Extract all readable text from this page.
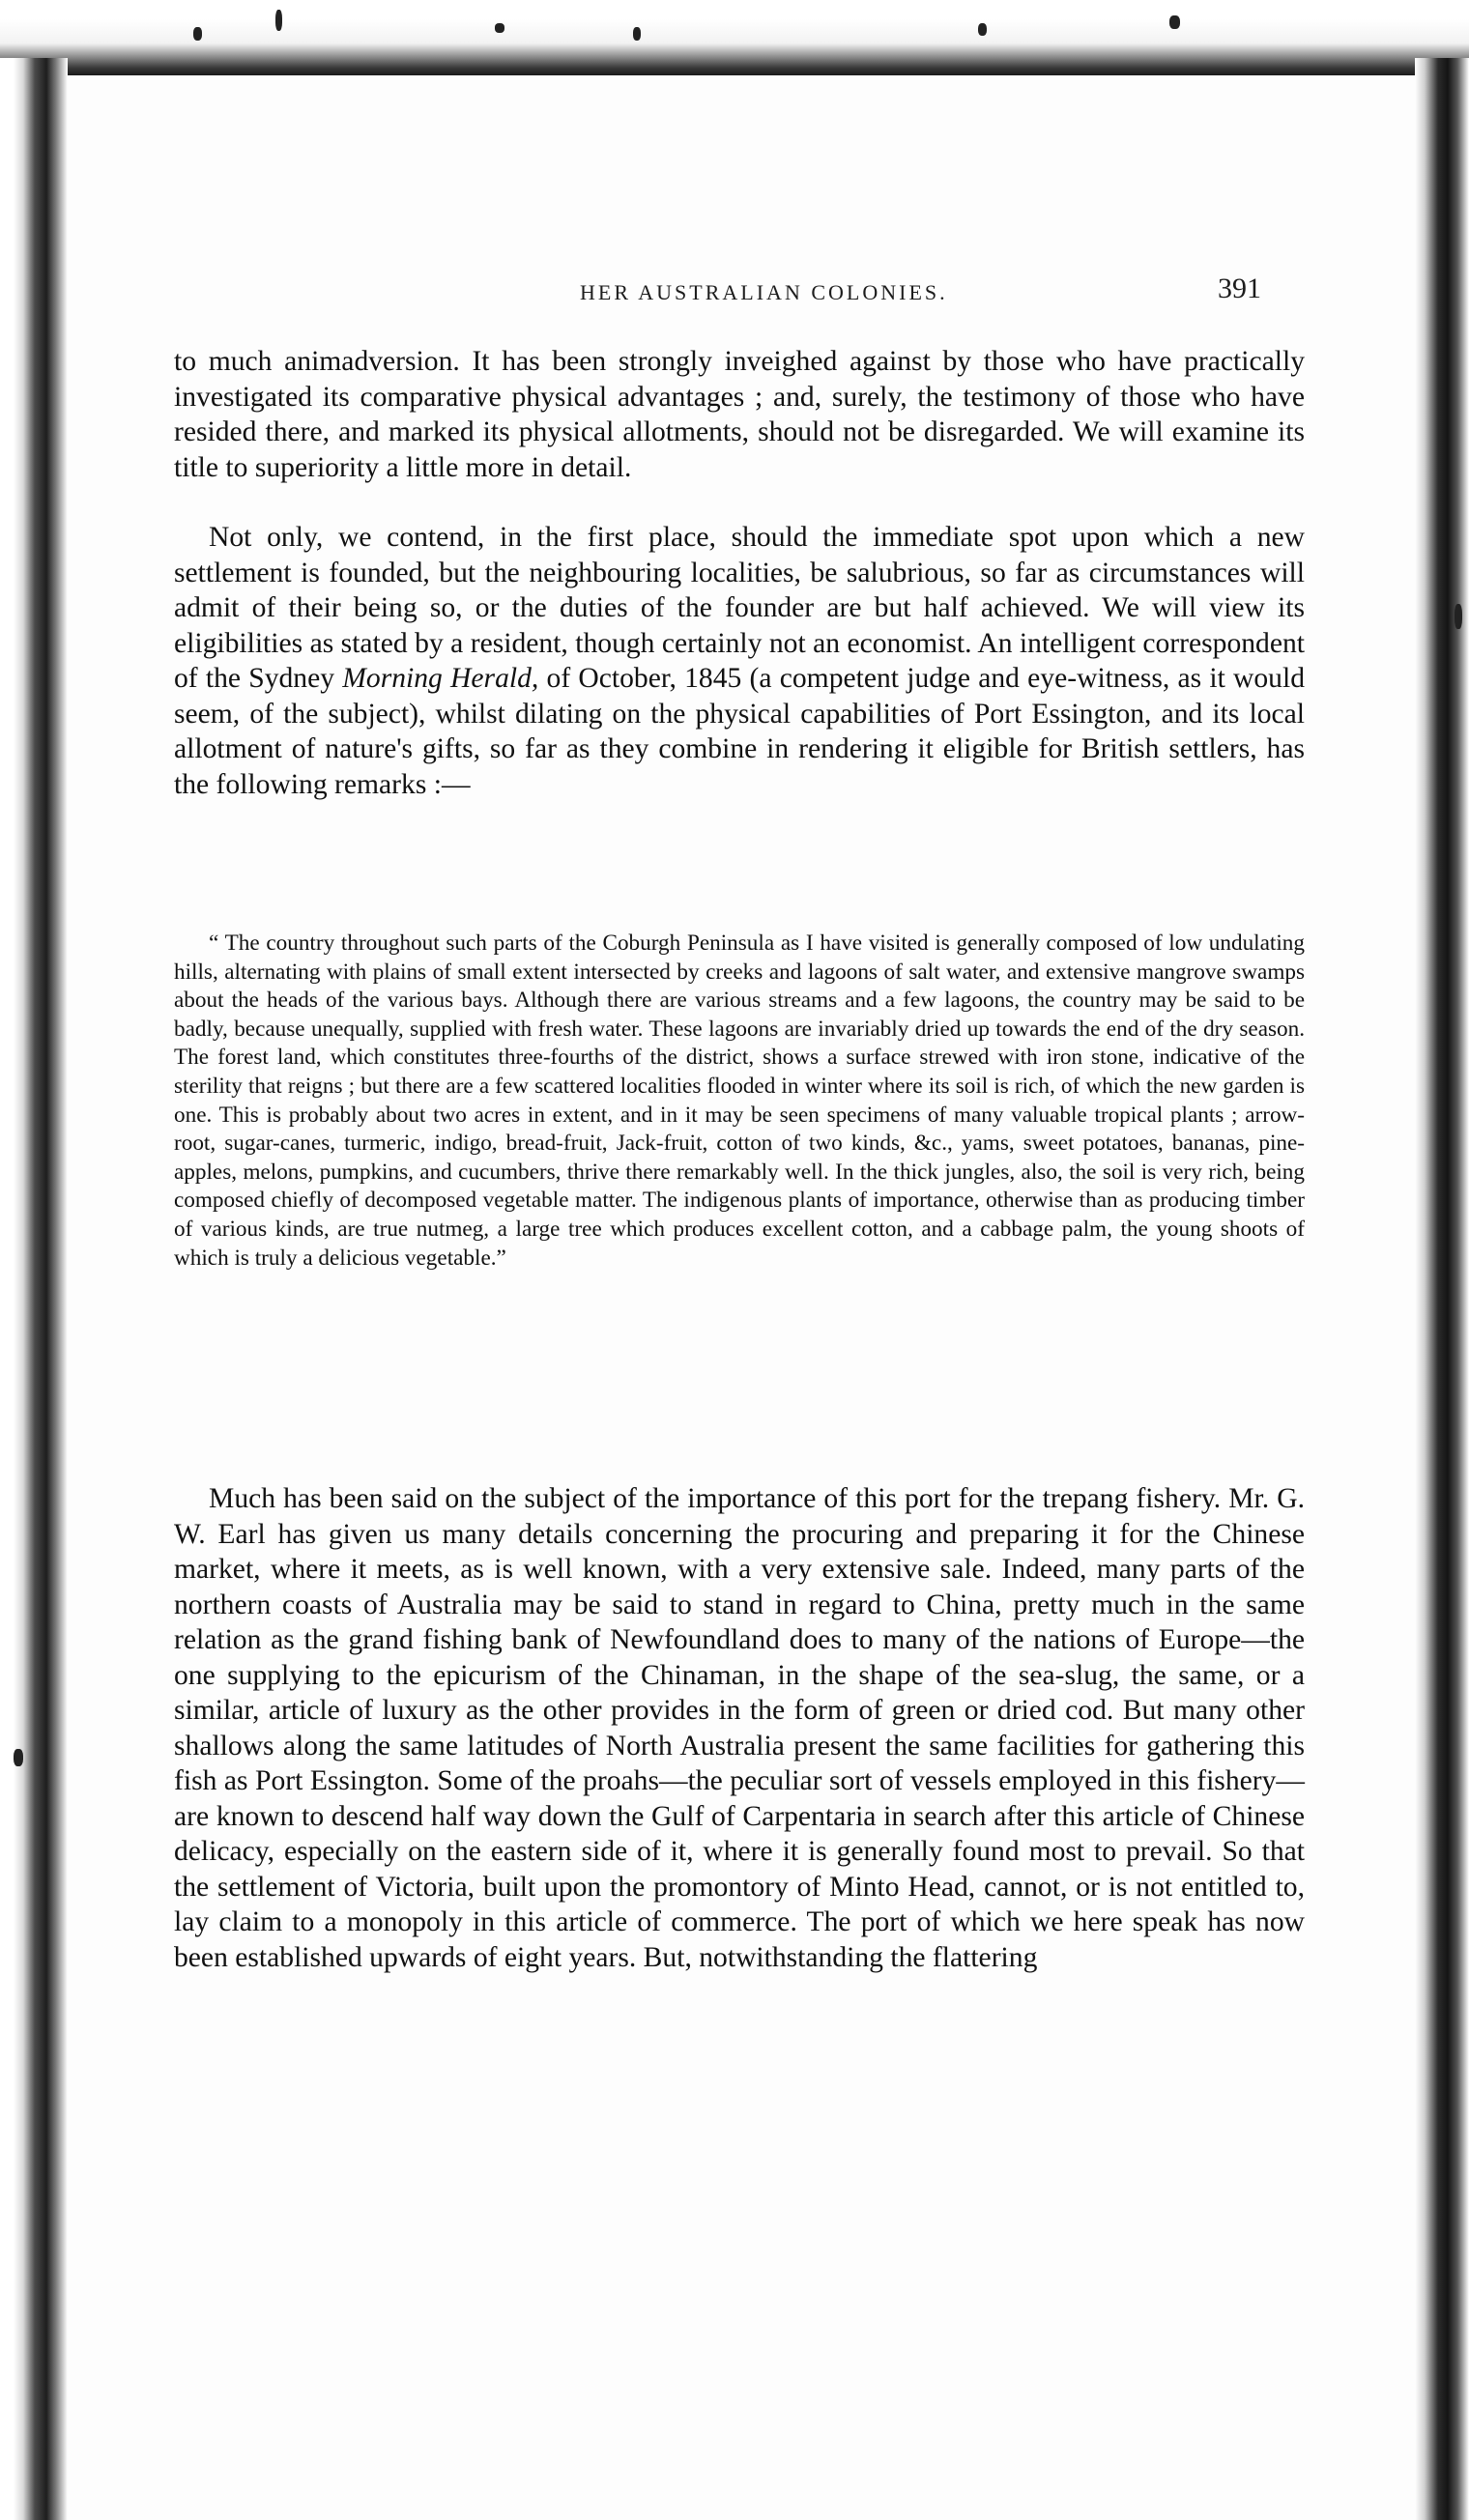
HER AUSTRALIAN COLONIES.	391

to much animadversion. It has been strongly inveighed against by those who have practically investigated its comparative physical advantages ; and, surely, the testimony of those who have resided there, and marked its physical allotments, should not be disregarded. We will examine its title to superiority a little more in detail.

Not only, we contend, in the first place, should the immediate spot upon which a new settlement is founded, but the neighbouring localities, be salubrious, so far as circumstances will admit of their being so, or the duties of the founder are but half achieved. We will view its eligibilities as stated by a resident, though certainly not an economist. An intelligent correspondent of the Sydney Morning Herald, of October, 1845 (a competent judge and eye-witness, as it would seem, of the subject), whilst dilating on the physical capabilities of Port Essington, and its local allotment of nature's gifts, so far as they combine in rendering it eligible for British settlers, has the following remarks :—

“ The country throughout such parts of the Coburgh Peninsula as I have visited is generally composed of low undulating hills, alternating with plains of small extent intersected by creeks and lagoons of salt water, and extensive mangrove swamps about the heads of the various bays. Although there are various streams and a few lagoons, the country may be said to be badly, because unequally, supplied with fresh water. These lagoons are invariably dried up towards the end of the dry season. The forest land, which constitutes three-fourths of the district, shows a surface strewed with iron stone, indicative of the sterility that reigns ; but there are a few scattered localities flooded in winter where its soil is rich, of which the new garden is one. This is probably about two acres in extent, and in it may be seen specimens of many valuable tropical plants ; arrow-root, sugar-canes, turmeric, indigo, bread-fruit, Jack-fruit, cotton of two kinds, &c., yams, sweet potatoes, bananas, pine-apples, melons, pumpkins, and cucumbers, thrive there remarkably well. In the thick jungles, also, the soil is very rich, being composed chiefly of decomposed vegetable matter. The indigenous plants of importance, otherwise than as producing timber of various kinds, are true nutmeg, a large tree which produces excellent cotton, and a cabbage palm, the young shoots of which is truly a delicious vegetable.”

Much has been said on the subject of the importance of this port for the trepang fishery. Mr. G. W. Earl has given us many details concerning the procuring and preparing it for the Chinese market, where it meets, as is well known, with a very extensive sale. Indeed, many parts of the northern coasts of Australia may be said to stand in regard to China, pretty much in the same relation as the grand fishing bank of Newfoundland does to many of the nations of Europe—the one supplying to the epicurism of the Chinaman, in the shape of the sea-slug, the same, or a similar, article of luxury as the other provides in the form of green or dried cod. But many other shallows along the same latitudes of North Australia present the same facilities for gathering this fish as Port Essington. Some of the proahs—the peculiar sort of vessels employed in this fishery—are known to descend half way down the Gulf of Carpentaria in search after this article of Chinese delicacy, especially on the eastern side of it, where it is generally found most to prevail. So that the settlement of Victoria, built upon the promontory of Minto Head, cannot, or is not entitled to, lay claim to a monopoly in this article of commerce. The port of which we here speak has now been established upwards of eight years. But, notwithstanding the flattering
